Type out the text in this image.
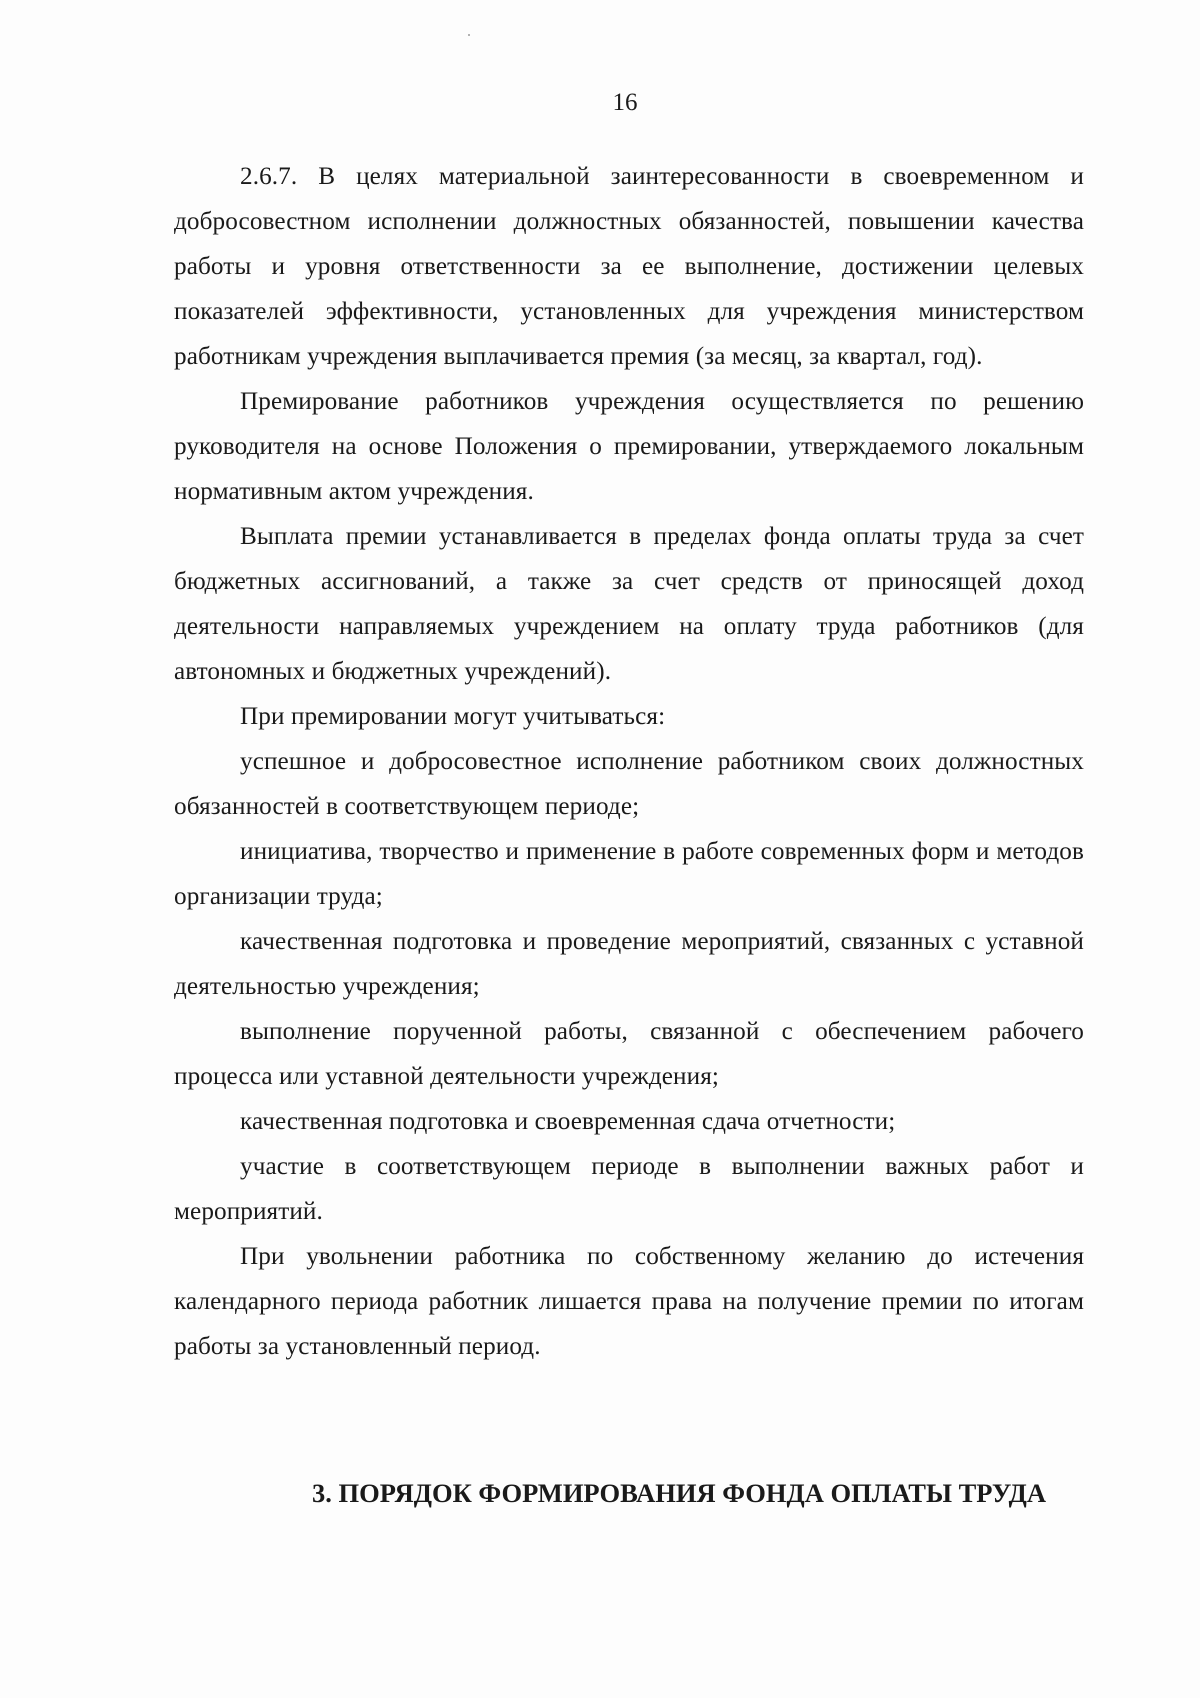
16

2.6.7. В целях материальной заинтересованности в своевременном и добросовестном исполнении должностных обязанностей, повышении качества работы и уровня ответственности за ее выполнение, достижении целевых показателей эффективности, установленных для учреждения министерством работникам учреждения выплачивается премия (за месяц, за квартал, год).

Премирование работников учреждения осуществляется по решению руководителя на основе Положения о премировании, утверждаемого локальным нормативным актом учреждения.

Выплата премии устанавливается в пределах фонда оплаты труда за счет бюджетных ассигнований, а также за счет средств от приносящей доход деятельности направляемых учреждением на оплату труда работников (для автономных и бюджетных учреждений).

При премировании могут учитываться:

успешное и добросовестное исполнение работником своих должностных обязанностей в соответствующем периоде;

инициатива, творчество и применение в работе современных форм и методов организации труда;

качественная подготовка и проведение мероприятий, связанных с уставной деятельностью учреждения;

выполнение порученной работы, связанной с обеспечением рабочего процесса или уставной деятельности учреждения;

качественная подготовка и своевременная сдача отчетности;

участие в соответствующем периоде в выполнении важных работ и мероприятий.

При увольнении работника по собственному желанию до истечения календарного периода работник лишается права на получение премии по итогам работы за установленный период.

3. ПОРЯДОК ФОРМИРОВАНИЯ ФОНДА ОПЛАТЫ ТРУДА
